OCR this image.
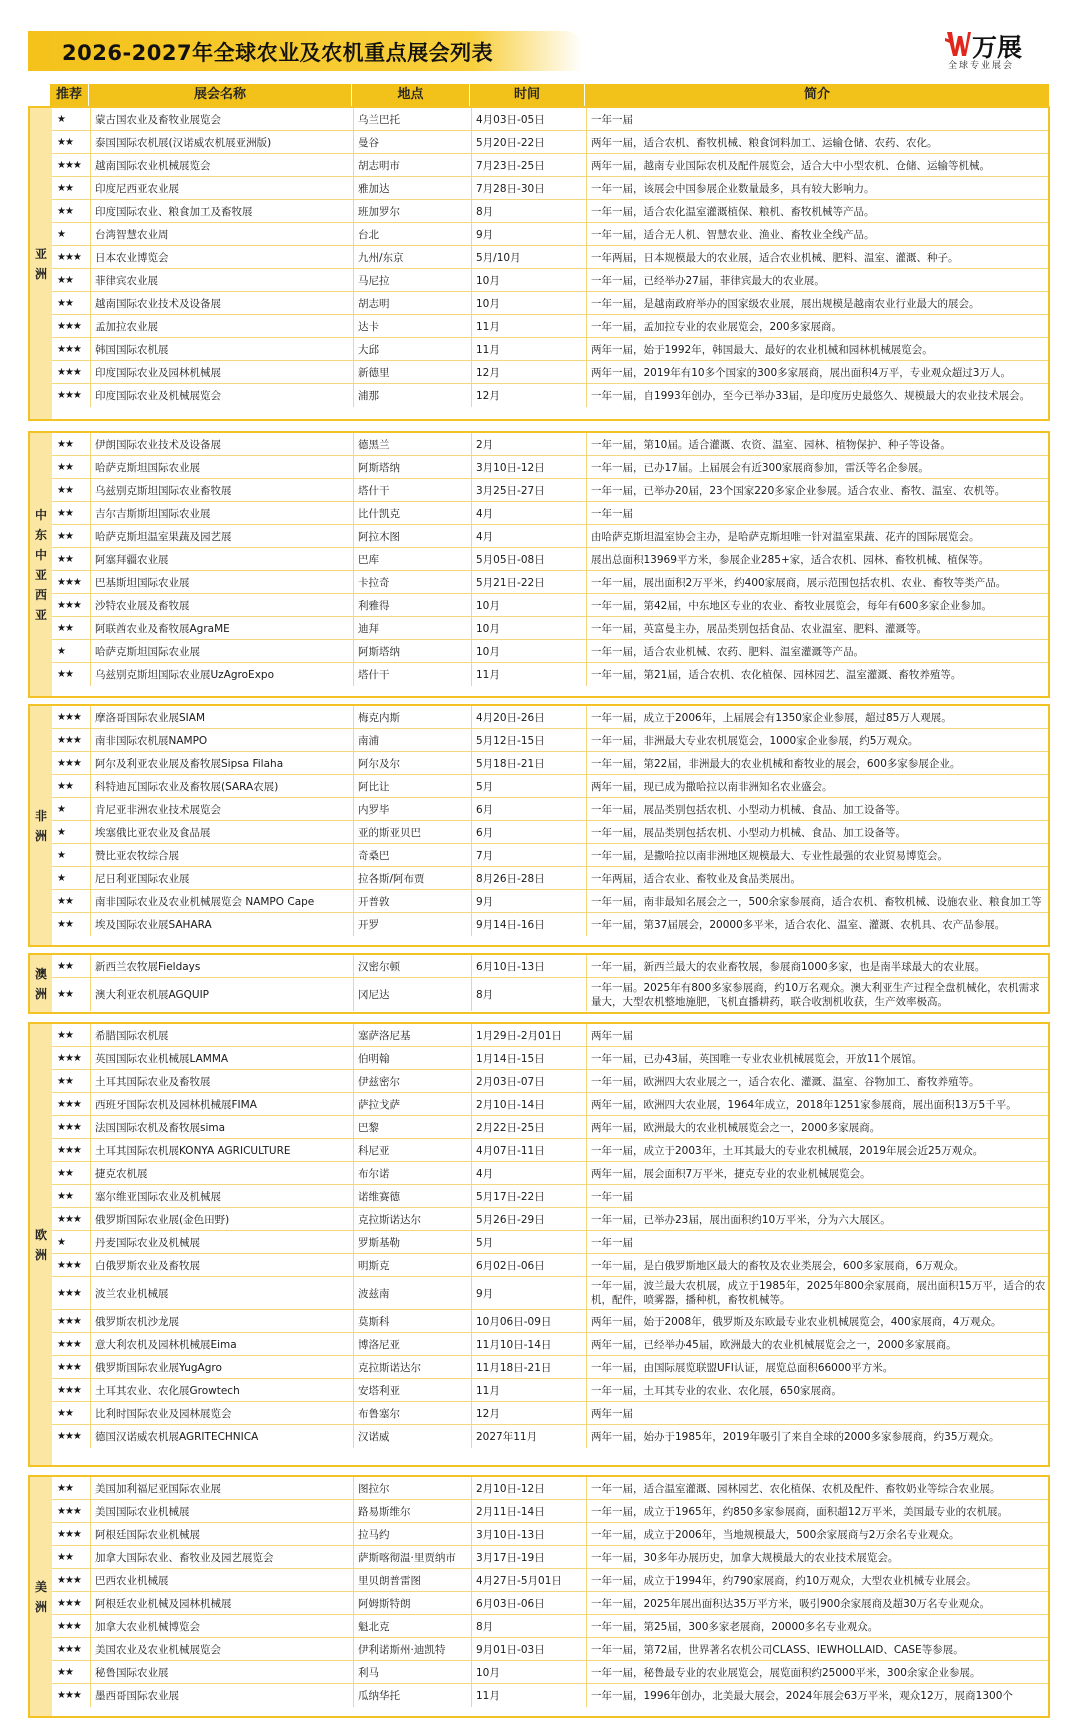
2026-2027年全球农业及农机重点展会列表	万展
全球专业展会
推荐	展会名称	地点	时间	简介
亚
洲
★	蒙古国农业及畜牧业展览会	乌兰巴托	4月03日-05日	一年一届
★★	泰国国际农机展(汉诺威农机展亚洲版)	曼谷	5月20日-22日	两年一届，适合农机、畜牧机械、粮食饲料加工、运输仓储、农药、农化。
★★★	越南国际农业机械展览会	胡志明市	7月23日-25日	两年一届，越南专业国际农机及配件展览会，适合大中小型农机、仓储、运输等机械。
★★	印度尼西亚农业展	雅加达	7月28日-30日	一年一届，该展会中国参展企业数量最多，具有较大影响力。
★★	印度国际农业、粮食加工及畜牧展	班加罗尔	8月	一年一届，适合农化温室灌溉植保、粮机、畜牧机械等产品。
★	台湾智慧农业周	台北	9月	一年一届，适合无人机、智慧农业、渔业、畜牧业全线产品。
★★★	日本农业博览会	九州/东京	5月/10月	一年两届，日本规模最大的农业展，适合农业机械、肥料、温室、灌溉、种子。
★★	菲律宾农业展	马尼拉	10月	一年一届，已经举办27届，菲律宾最大的农业展。
★★	越南国际农业技术及设备展	胡志明	10月	一年一届，是越南政府举办的国家级农业展，展出规模是越南农业行业最大的展会。
★★★	孟加拉农业展	达卡	11月	一年一届，孟加拉专业的农业展览会，200多家展商。
★★★	韩国国际农机展	大邱	11月	两年一届，始于1992年，韩国最大、最好的农业机械和园林机械展览会。
★★★	印度国际农业及园林机械展	新德里	12月	两年一届，2019年有10多个国家的300多家展商，展出面积4万平，专业观众超过3万人。
★★★	印度国际农业及机械展览会	浦那	12月	一年一届，自1993年创办，至今已举办33届，是印度历史最悠久、规模最大的农业技术展会。
中
东
中
亚
西
亚
★★	伊朗国际农业技术及设备展	德黑兰	2月	一年一届，第10届。适合灌溉、农资、温室、园林、植物保护、种子等设备。
★★	哈萨克斯坦国际农业展	阿斯塔纳	3月10日-12日	一年一届，已办17届。上届展会有近300家展商参加，雷沃等名企参展。
★★	乌兹别克斯坦国际农业畜牧展	塔什干	3月25日-27日	一年一届，已举办20届，23个国家220多家企业参展。适合农业、畜牧、温室、农机等。
★★	吉尔吉斯斯坦国际农业展	比什凯克	4月	一年一届
★★	哈萨克斯坦温室果蔬及园艺展	阿拉木图	4月	由哈萨克斯坦温室协会主办，是哈萨克斯坦唯一针对温室果蔬、花卉的国际展览会。
★★	阿塞拜疆农业展	巴库	5月05日-08日	展出总面积13969平方米，参展企业285+家，适合农机、园林、畜牧机械、植保等。
★★★	巴基斯坦国际农业展	卡拉奇	5月21日-22日	一年一届，展出面积2万平米，约400家展商，展示范围包括农机、农业、畜牧等类产品。
★★★	沙特农业展及畜牧展	利雅得	10月	一年一届，第42届，中东地区专业的农业、畜牧业展览会，每年有600多家企业参加。
★★	阿联酋农业及畜牧展AgraME	迪拜	10月	一年一届，英富曼主办，展品类别包括食品、农业温室、肥料、灌溉等。
★	哈萨克斯坦国际农业展	阿斯塔纳	10月	一年一届，适合农业机械、农药、肥料、温室灌溉等产品。
★★	乌兹别克斯坦国际农业展UzAgroExpo	塔什干	11月	一年一届，第21届，适合农机、农化植保、园林园艺、温室灌溉、畜牧养殖等。
非
洲
★★★	摩洛哥国际农业展SIAM	梅克内斯	4月20日-26日	一年一届，成立于2006年，上届展会有1350家企业参展，超过85万人观展。
★★★	南非国际农机展NAMPO	南浦	5月12日-15日	一年一届，非洲最大专业农机展览会，1000家企业参展，约5万观众。
★★★	阿尔及利亚农业展及畜牧展Sipsa Filaha	阿尔及尔	5月18日-21日	一年一届，第22届，非洲最大的农业机械和畜牧业的展会，600多家参展企业。
★★	科特迪瓦国际农业及畜牧展(SARA农展)	阿比让	5月	两年一届，现已成为撒哈拉以南非洲知名农业盛会。
★	肯尼亚非洲农业技术展览会	内罗毕	6月	一年一届，展品类别包括农机、小型动力机械、食品、加工设备等。
★	埃塞俄比亚农业及食品展	亚的斯亚贝巴	6月	一年一届，展品类别包括农机、小型动力机械、食品、加工设备等。
★	赞比亚农牧综合展	奇桑巴	7月	一年一届，是撒哈拉以南非洲地区规模最大、专业性最强的农业贸易博览会。
★	尼日利亚国际农业展	拉各斯/阿布贾	8月26日-28日	一年两届，适合农业、畜牧业及食品类展出。
★★	南非国际农业及农业机械展览会 NAMPO Cape	开普敦	9月	一年一届，南非最知名展会之一，500余家参展商，适合农机、畜牧机械、设施农业、粮食加工等
★★	埃及国际农业展SAHARA	开罗	9月14日-16日	一年一届，第37届展会，20000多平米，适合农化、温室、灌溉、农机具、农产品参展。
澳
洲
★★	新西兰农牧展Fieldays	汉密尔顿	6月10日-13日	一年一届，新西兰最大的农业畜牧展，参展商1000多家，也是南半球最大的农业展。
★★	澳大利亚农机展AGQUIP	冈尼达	8月
一年一届。2025年有800多家参展商，约10万名观众。澳大利亚生产过程全盘机械化，农机需求量大，大型农机整地施肥，飞机直播耕药，联合收割机收获，生产效率极高。
欧
洲
★★	希腊国际农机展	塞萨洛尼基	1月29日-2月01日	两年一届
★★★	英国国际农业机械展LAMMA	伯明翰	1月14日-15日	一年一届，已办43届，英国唯一专业农业机械展览会，开放11个展馆。
★★	土耳其国际农业及畜牧展	伊兹密尔	2月03日-07日	一年一届，欧洲四大农业展之一，适合农化、灌溉、温室、谷物加工、畜牧养殖等。
★★★	西班牙国际农机及园林机械展FIMA	萨拉戈萨	2月10日-14日	两年一届，欧洲四大农业展，1964年成立，2018年1251家参展商，展出面积13万5千平。
★★★	法国国际农机及畜牧展sima	巴黎	2月22日-25日	两年一届，欧洲最大的农业机械展览会之一，2000多家展商。
★★★	土耳其国际农机展KONYA AGRICULTURE	科尼亚	4月07日-11日	一年一届，成立于2003年，土耳其最大的专业农机械展，2019年展会近25万观众。
★★	捷克农机展	布尔诺	4月	两年一届，展会面积7万平米，捷克专业的农业机械展览会。
★★	塞尔维亚国际农业及机械展	诺维赛德	5月17日-22日	一年一届
★★★	俄罗斯国际农业展(金色田野)	克拉斯诺达尔	5月26日-29日	一年一届，已举办23届，展出面积约10万平米，分为六大展区。
★	丹麦国际农业及机械展	罗斯基勒	5月	一年一届
★★★	白俄罗斯农业及畜牧展	明斯克	6月02日-06日	一年一届，是白俄罗斯地区最大的畜牧及农业类展会，600多家展商，6万观众。
★★★	波兰农业机械展	波兹南	9月
一年一届，波兰最大农机展，成立于1985年，2025年800余家展商，展出面积15万平，适合的农机，配件，喷雾器，播种机，畜牧机械等。
★★★	俄罗斯农机沙龙展	莫斯科	10月06日-09日	两年一届，始于2008年，俄罗斯及东欧最专业农业机械展览会，400家展商，4万观众。
★★★	意大利农机及园林机械展Eima	博洛尼亚	11月10日-14日	两年一届，已经举办45届，欧洲最大的农业机械展览会之一，2000多家展商。
★★★	俄罗斯国际农业展YugAgro	克拉斯诺达尔	11月18日-21日	一年一届，由国际展览联盟UFI认证，展览总面积66000平方米。
★★★	土耳其农业、农化展Growtech	安塔利亚	11月	一年一届，土耳其专业的农业、农化展，650家展商。
★★	比利时国际农业及园林展览会	布鲁塞尔	12月	两年一届
★★★	德国汉诺威农机展AGRITECHNICA	汉诺威	2027年11月	两年一届，始办于1985年，2019年吸引了来自全球的2000多家参展商，约35万观众。
美
洲
★★	美国加利福尼亚国际农业展	图拉尔	2月10日-12日	一年一届，适合温室灌溉、园林园艺、农化植保、农机及配件、畜牧奶业等综合农业展。
★★★	美国国际农业机械展	路易斯维尔	2月11日-14日	一年一届，成立于1965年，约850多家参展商，面积超12万平米，美国最专业的农机展。
★★★	阿根廷国际农业机械展	拉马约	3月10日-13日	一年一届，成立于2006年，当地规模最大，500余家展商与2万余名专业观众。
★★	加拿大国际农业、畜牧业及园艺展览会	萨斯喀彻温·里贾纳市	3月17日-19日	一年一届，30多年办展历史，加拿大规模最大的农业技术展览会。
★★★	巴西农业机械展	里贝朗普雷图	4月27日-5月01日	一年一届，成立于1994年，约790家展商，约10万观众，大型农业机械专业展会。
★★★	阿根廷农业机械及园林机械展	阿姆斯特朗	6月03日-06日	一年一届，2025年展出面积达35万平方米，吸引900余家展商及超30万名专业观众。
★★★	加拿大农业机械博览会	魁北克	8月	一年一届，第25届，300多家老展商，20000多名专业观众。
★★★	美国农业及农业机械展览会	伊利诺斯州·迪凯特	9月01日-03日	一年一届，第72届，世界著名农机公司CLASS、IEWHOLLAID、CASE等参展。
★★	秘鲁国际农业展	利马	10月	一年一届，秘鲁最专业的农业展览会，展览面积约25000平米，300余家企业参展。
★★★	墨西哥国际农业展	瓜纳华托	11月	一年一届，1996年创办，北美最大展会，2024年展会63万平米，观众12万，展商1300个
